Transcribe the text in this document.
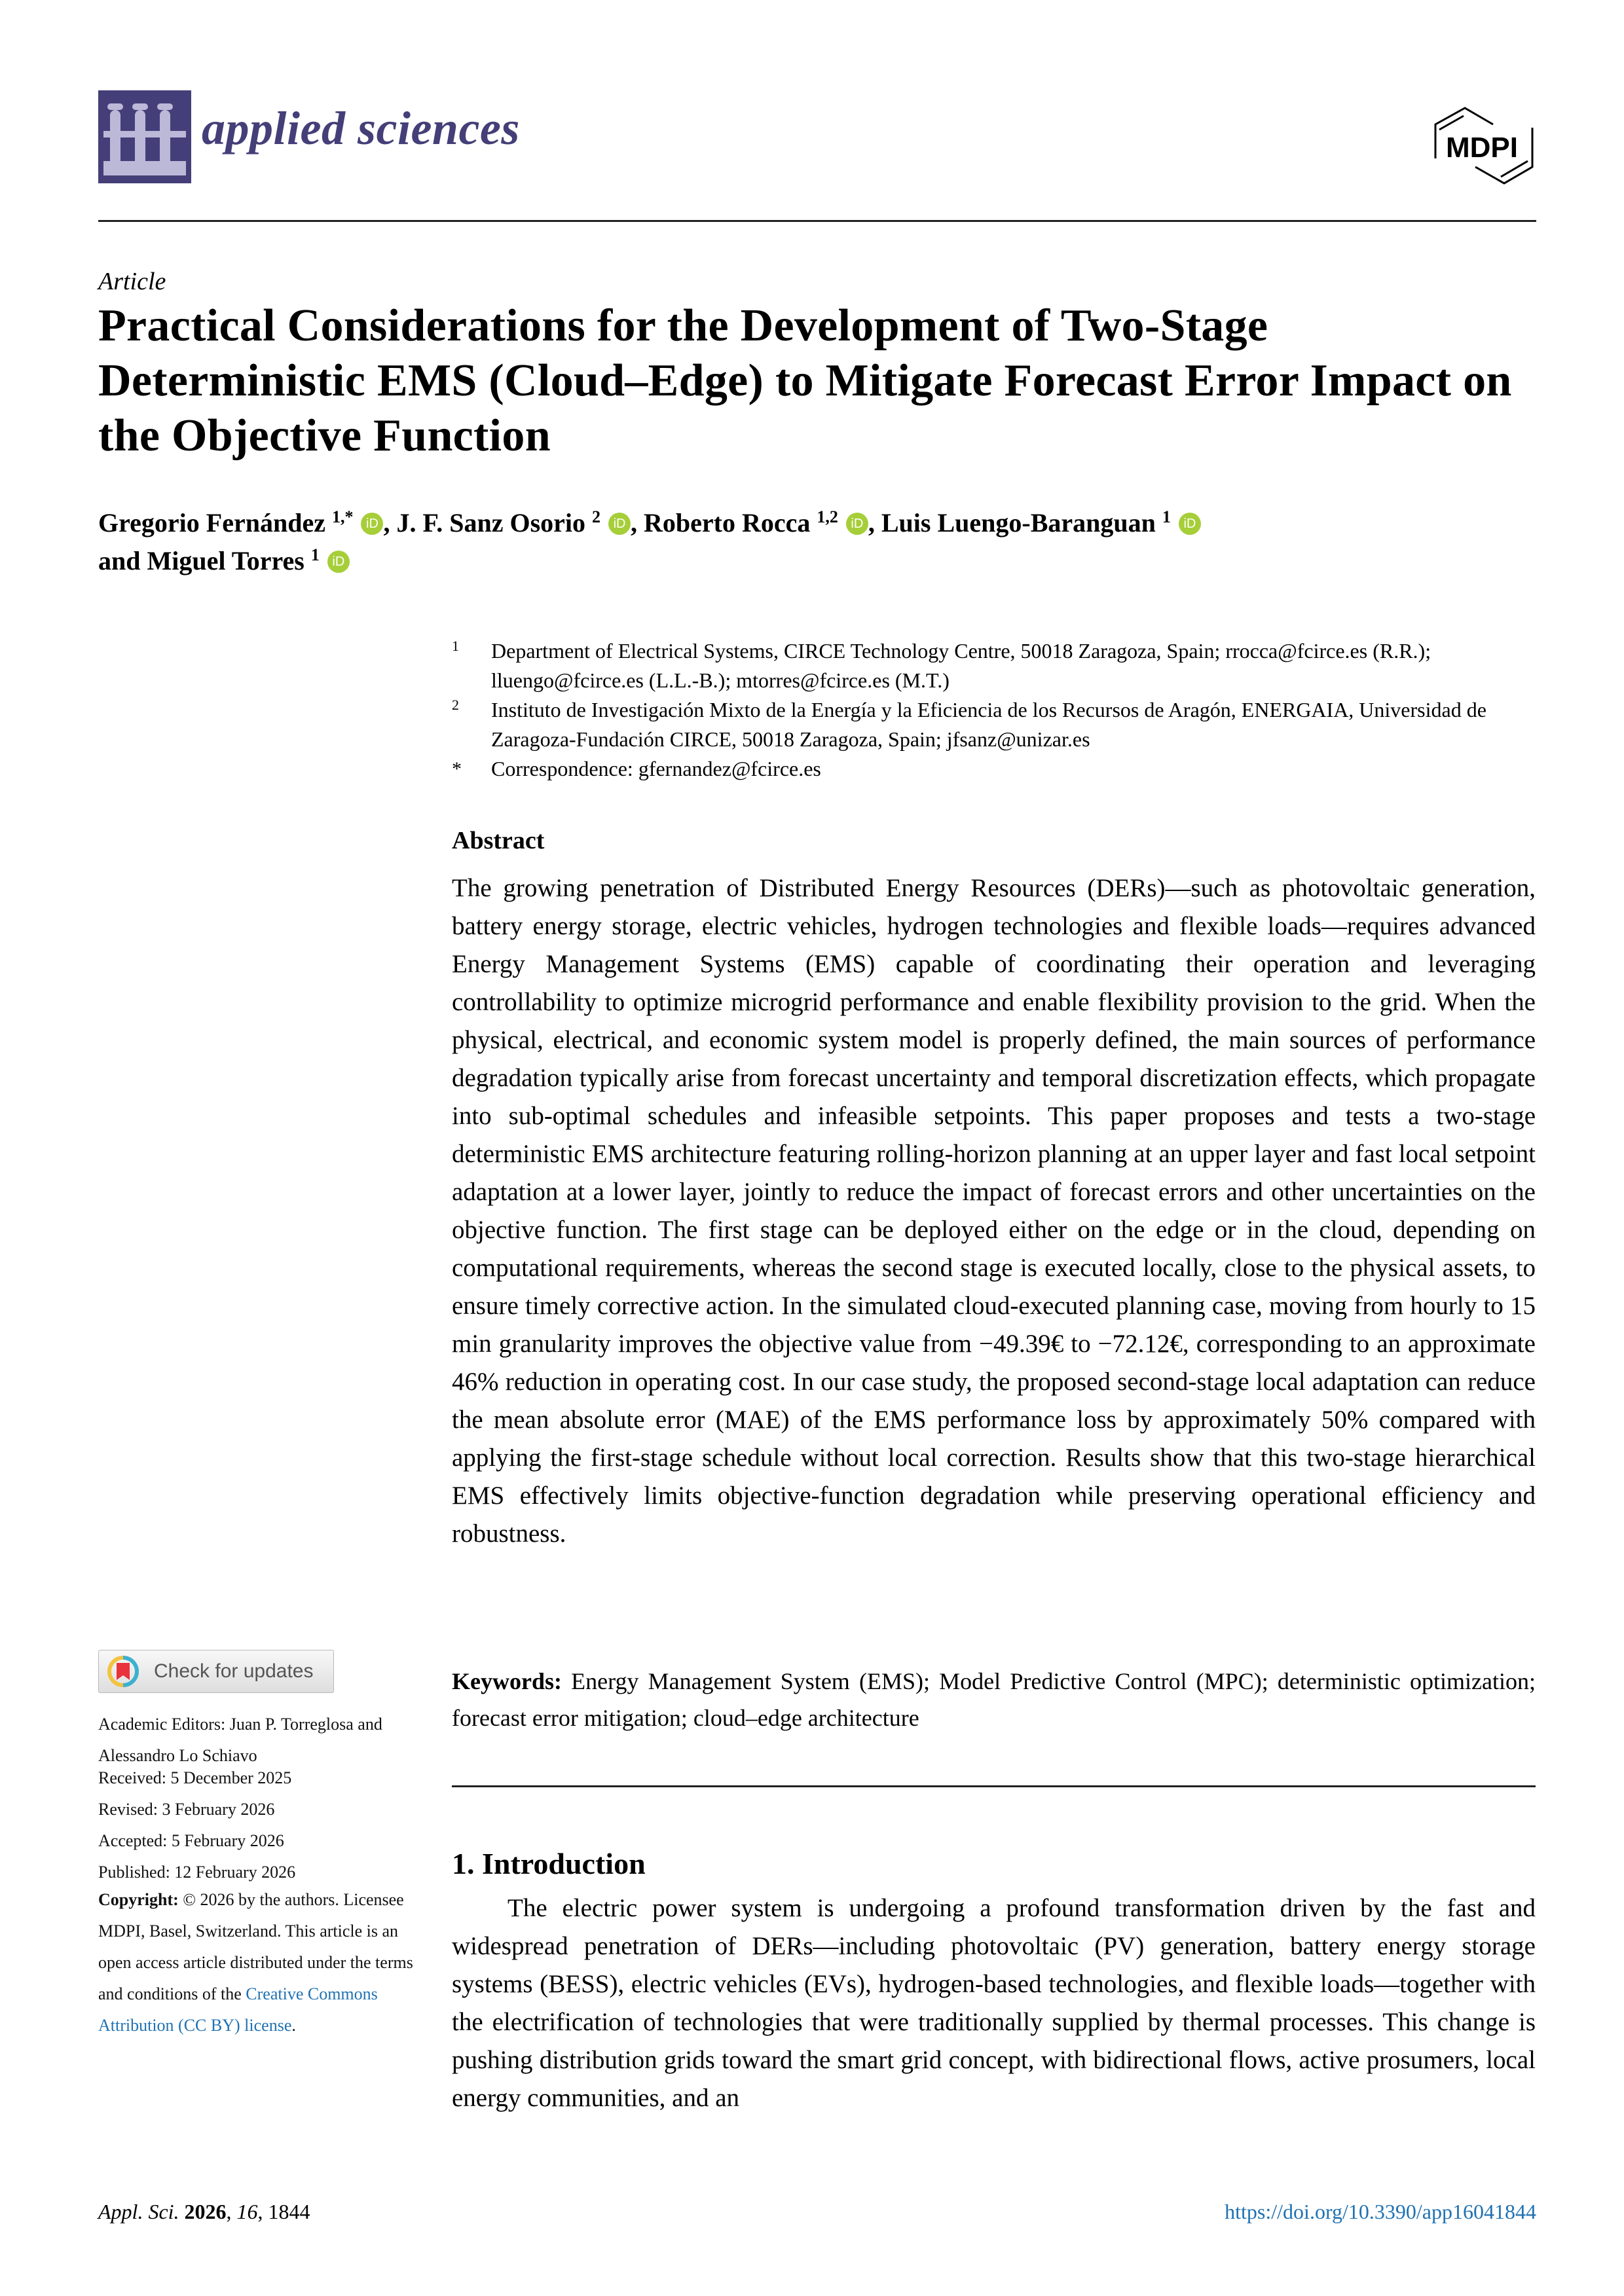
applied sciences	MDPI
Article
Practical Considerations for the Development of Two-Stage Deterministic EMS (Cloud–Edge) to Mitigate Forecast Error Impact on the Objective Function
Gregorio Fernández $^{1,*}$ iD , J. F. Sanz Osorio $^2$ iD , Roberto Rocca $^{1,2}$ iD , Luis Luengo-Baranguan $^1$ iD
and Miguel Torres $^1$ iD
1	Department of Electrical Systems, CIRCE Technology Centre, 50018 Zaragoza, Spain; rrocca@fcirce.es (R.R.); lluengo@fcirce.es (L.L.-B.); mtorres@fcirce.es (M.T.)
2	Instituto de Investigación Mixto de la Energía y la Eficiencia de los Recursos de Aragón, ENERGAIA, Universidad de Zaragoza-Fundación CIRCE, 50018 Zaragoza, Spain; jfsanz@unizar.es
*	Correspondence: gfernandez@fcirce.es
Abstract
The growing penetration of Distributed Energy Resources (DERs)—such as photovoltaic generation, battery energy storage, electric vehicles, hydrogen technologies and flexible loads—requires advanced Energy Management Systems (EMS) capable of coordinating their operation and leveraging controllability to optimize microgrid performance and enable flexibility provision to the grid. When the physical, electrical, and economic system model is properly defined, the main sources of performance degradation typically arise from forecast uncertainty and temporal discretization effects, which propagate into sub-optimal schedules and infeasible setpoints. This paper proposes and tests a two-stage deterministic EMS architecture featuring rolling-horizon planning at an upper layer and fast local setpoint adaptation at a lower layer, jointly to reduce the impact of forecast errors and other uncertainties on the objective function. The first stage can be deployed either on the edge or in the cloud, depending on computational requirements, whereas the second stage is executed locally, close to the physical assets, to ensure timely corrective action. In the simulated cloud-executed planning case, moving from hourly to 15 min granularity improves the objective value from −49.39€ to −72.12€, corresponding to an approximate 46% reduction in operating cost. In our case study, the proposed second-stage local adaptation can reduce the mean absolute error (MAE) of the EMS performance loss by approximately 50% compared with applying the first-stage schedule without local correction. Results show that this two-stage hierarchical EMS effectively limits objective-function degradation while preserving operational efficiency and robustness.
Keywords: Energy Management System (EMS); Model Predictive Control (MPC); deterministic optimization; forecast error mitigation; cloud–edge architecture
1. Introduction
The electric power system is undergoing a profound transformation driven by the fast and widespread penetration of DERs—including photovoltaic (PV) generation, battery energy storage systems (BESS), electric vehicles (EVs), hydrogen-based technologies, and flexible loads—together with the electrification of technologies that were traditionally supplied by thermal processes. This change is pushing distribution grids toward the smart grid concept, with bidirectional flows, active prosumers, local energy communities, and an
Check for updates
Academic Editors: Juan P. Torreglosa and Alessandro Lo Schiavo
Received: 5 December 2025
Revised: 3 February 2026
Accepted: 5 February 2026
Published: 12 February 2026
Copyright: © 2026 by the authors. Licensee MDPI, Basel, Switzerland. This article is an open access article distributed under the terms and conditions of the Creative Commons Attribution (CC BY) license.
Appl. Sci. 2026, 16, 1844	https://doi.org/10.3390/app16041844
